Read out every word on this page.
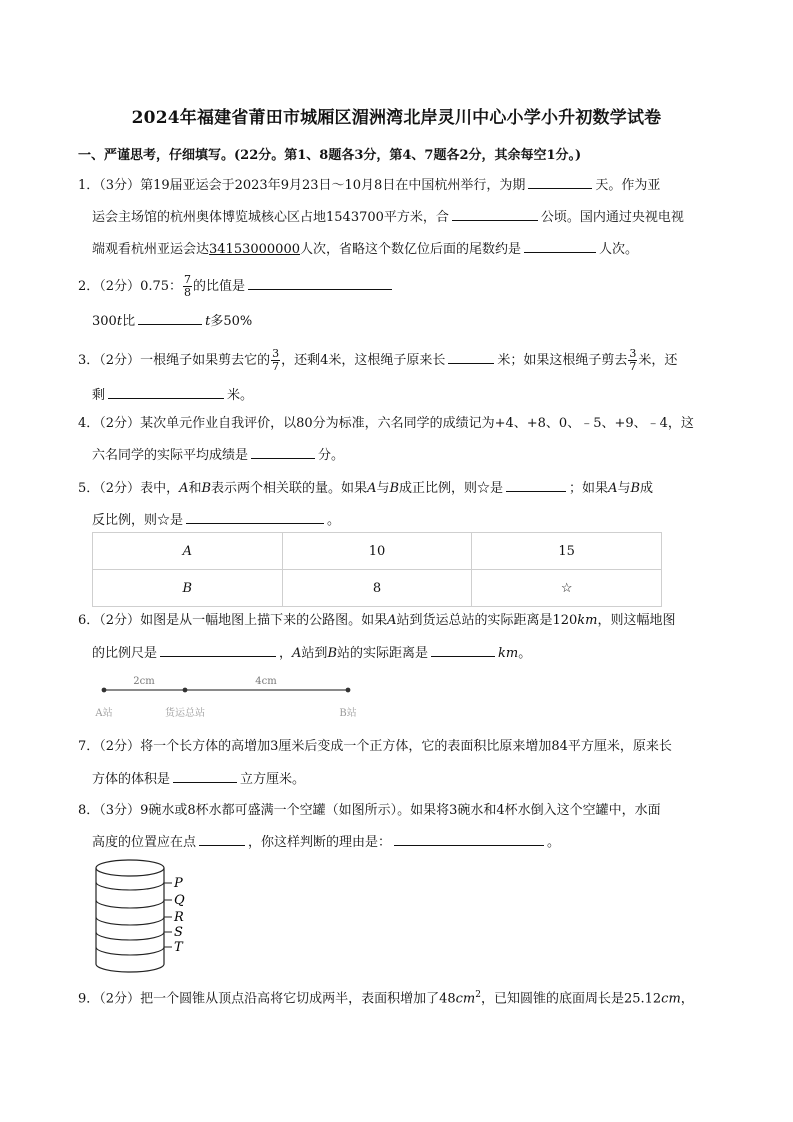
2024年福建省莆田市城厢区湄洲湾北岸灵川中心小学小升初数学试卷
一、严谨思考，仔细填写。(22分。第1、8题各3分，第4、7题各2分，其余每空1分。)
1．（3分）第19届亚运会于2023年9月23日～10月8日在中国杭州举行，为期	天。作为亚
运会主场馆的杭州奥体博览城核心区占地1543700平方米，合	公顷。国内通过央视电视
端观看杭州亚运会达34153000000人次，省略这个数亿位后面的尾数约是	人次。
2．（2分）0.75： $\frac{7}{8}$ 的比值是
300t比	t多50%
3．（2分）一根绳子如果剪去它的 $\frac{3}{7}$ ，还剩4米，这根绳子原来长	米；如果这根绳子剪去 $\frac{3}{7}$ 米，还
剩	米。
4．（2分）某次单元作业自我评价，以80分为标准，六名同学的成绩记为+4、+8、0、﹣5、+9、﹣4，这
六名同学的实际平均成绩是	分。
5．（2分）表中，A和B表示两个相关联的量。如果A与B成正比例，则☆是	；如果A与B成
反比例，则☆是	。
A	10	15
B	8	☆
6．（2分）如图是从一幅地图上描下来的公路图。如果A站到货运总站的实际距离是120km，则这幅地图
的比例尺是	，A站到B站的实际距离是	km。
2cm	4cm
A站	货运总站	B站
7．（2分）将一个长方体的高增加3厘米后变成一个正方体，它的表面积比原来增加84平方厘米，原来长
方体的体积是	立方厘米。
8．（3分）9碗水或8杯水都可盛满一个空罐（如图所示）。如果将3碗水和4杯水倒入这个空罐中，水面
高度的位置应在点	，你这样判断的理由是：	。
P
Q
R
S
T
9．（2分）把一个圆锥从顶点沿高将它切成两半，表面积增加了$48cm^2$，已知圆锥的底面周长是25.12cm，
